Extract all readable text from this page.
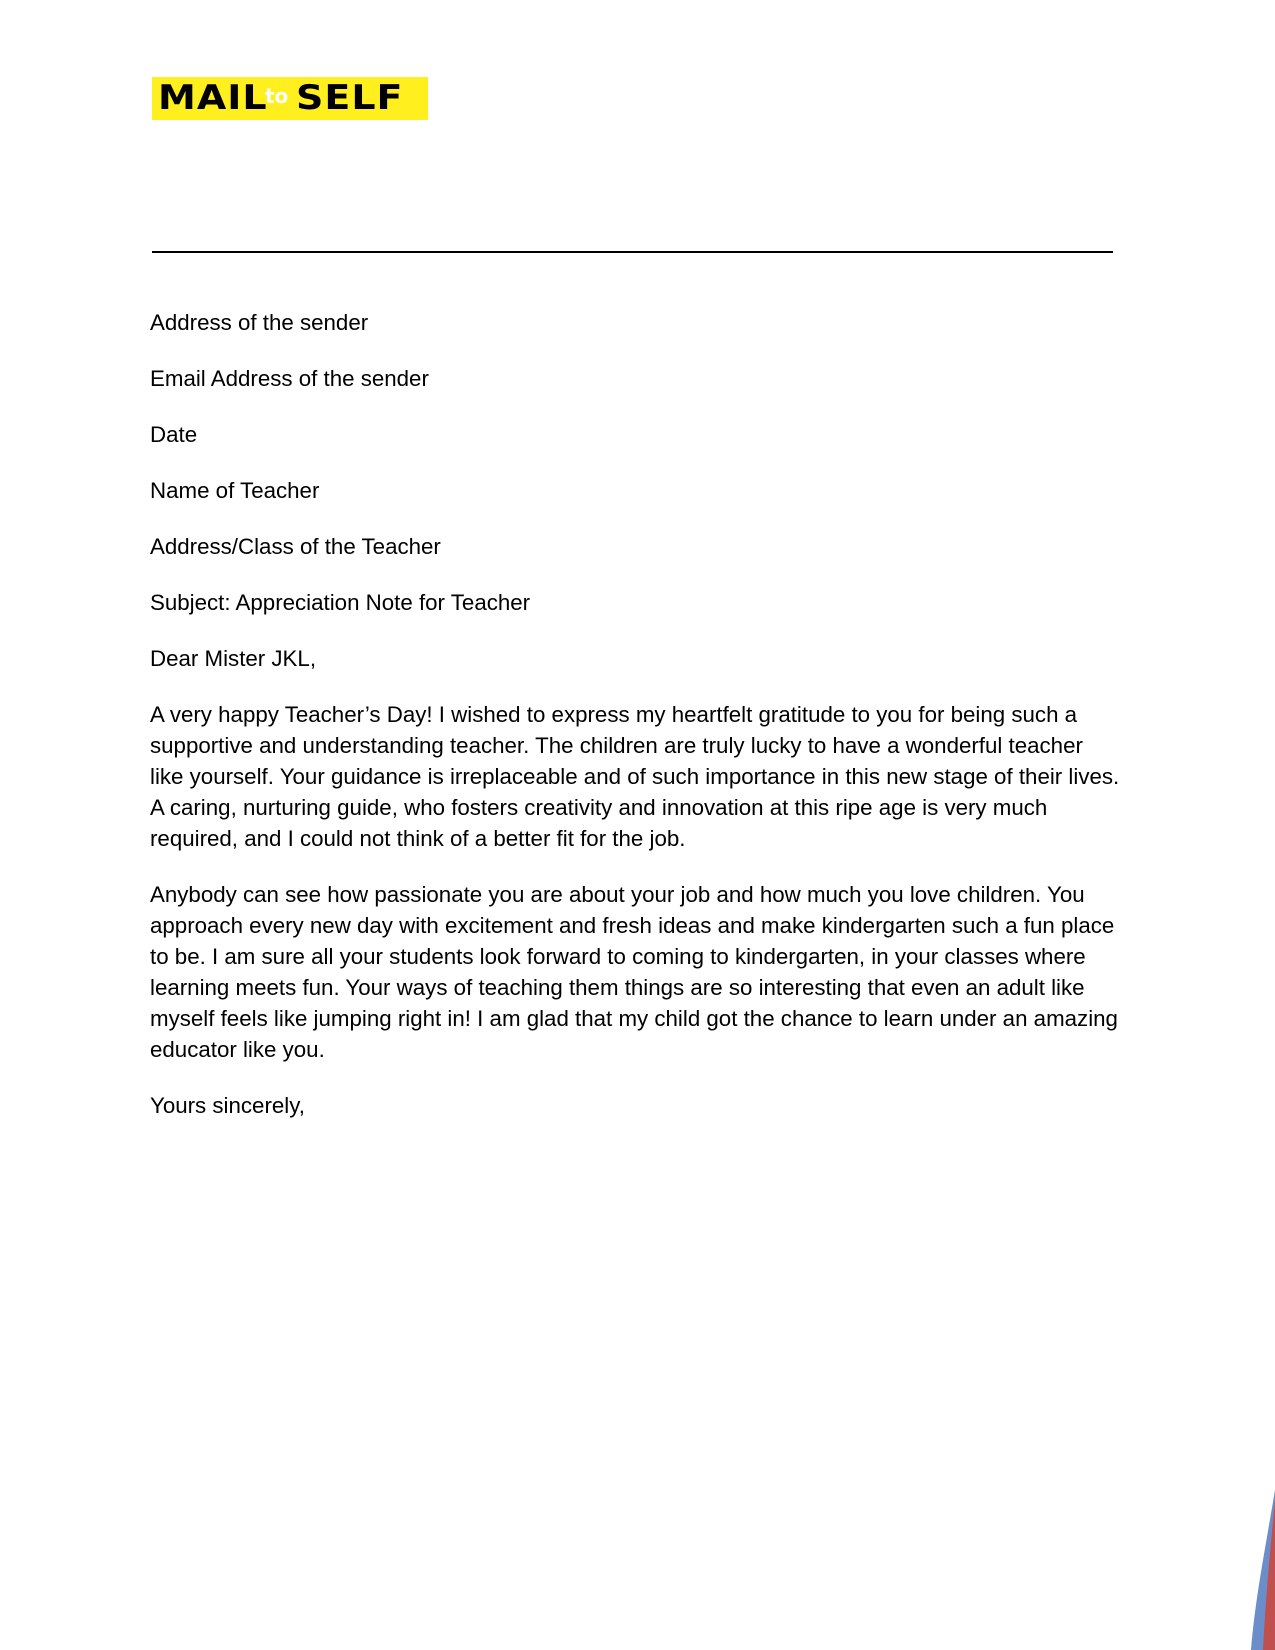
MAIL
to SELF

Address of the sender

Email Address of the sender

Date

Name of Teacher

Address/Class of the Teacher

Subject: Appreciation Note for Teacher

Dear Mister JKL,

A very happy Teacher’s Day! I wished to express my heartfelt gratitude to you for being such a supportive and understanding teacher. The children are truly lucky to have a wonderful teacher like yourself. Your guidance is irreplaceable and of such importance in this new stage of their lives. A caring, nurturing guide, who fosters creativity and innovation at this ripe age is very much required, and I could not think of a better fit for the job.

Anybody can see how passionate you are about your job and how much you love children. You approach every new day with excitement and fresh ideas and make kindergarten such a fun place to be. I am sure all your students look forward to coming to kindergarten, in your classes where learning meets fun. Your ways of teaching them things are so interesting that even an adult like myself feels like jumping right in! I am glad that my child got the chance to learn under an amazing educator like you.

Yours sincerely,
